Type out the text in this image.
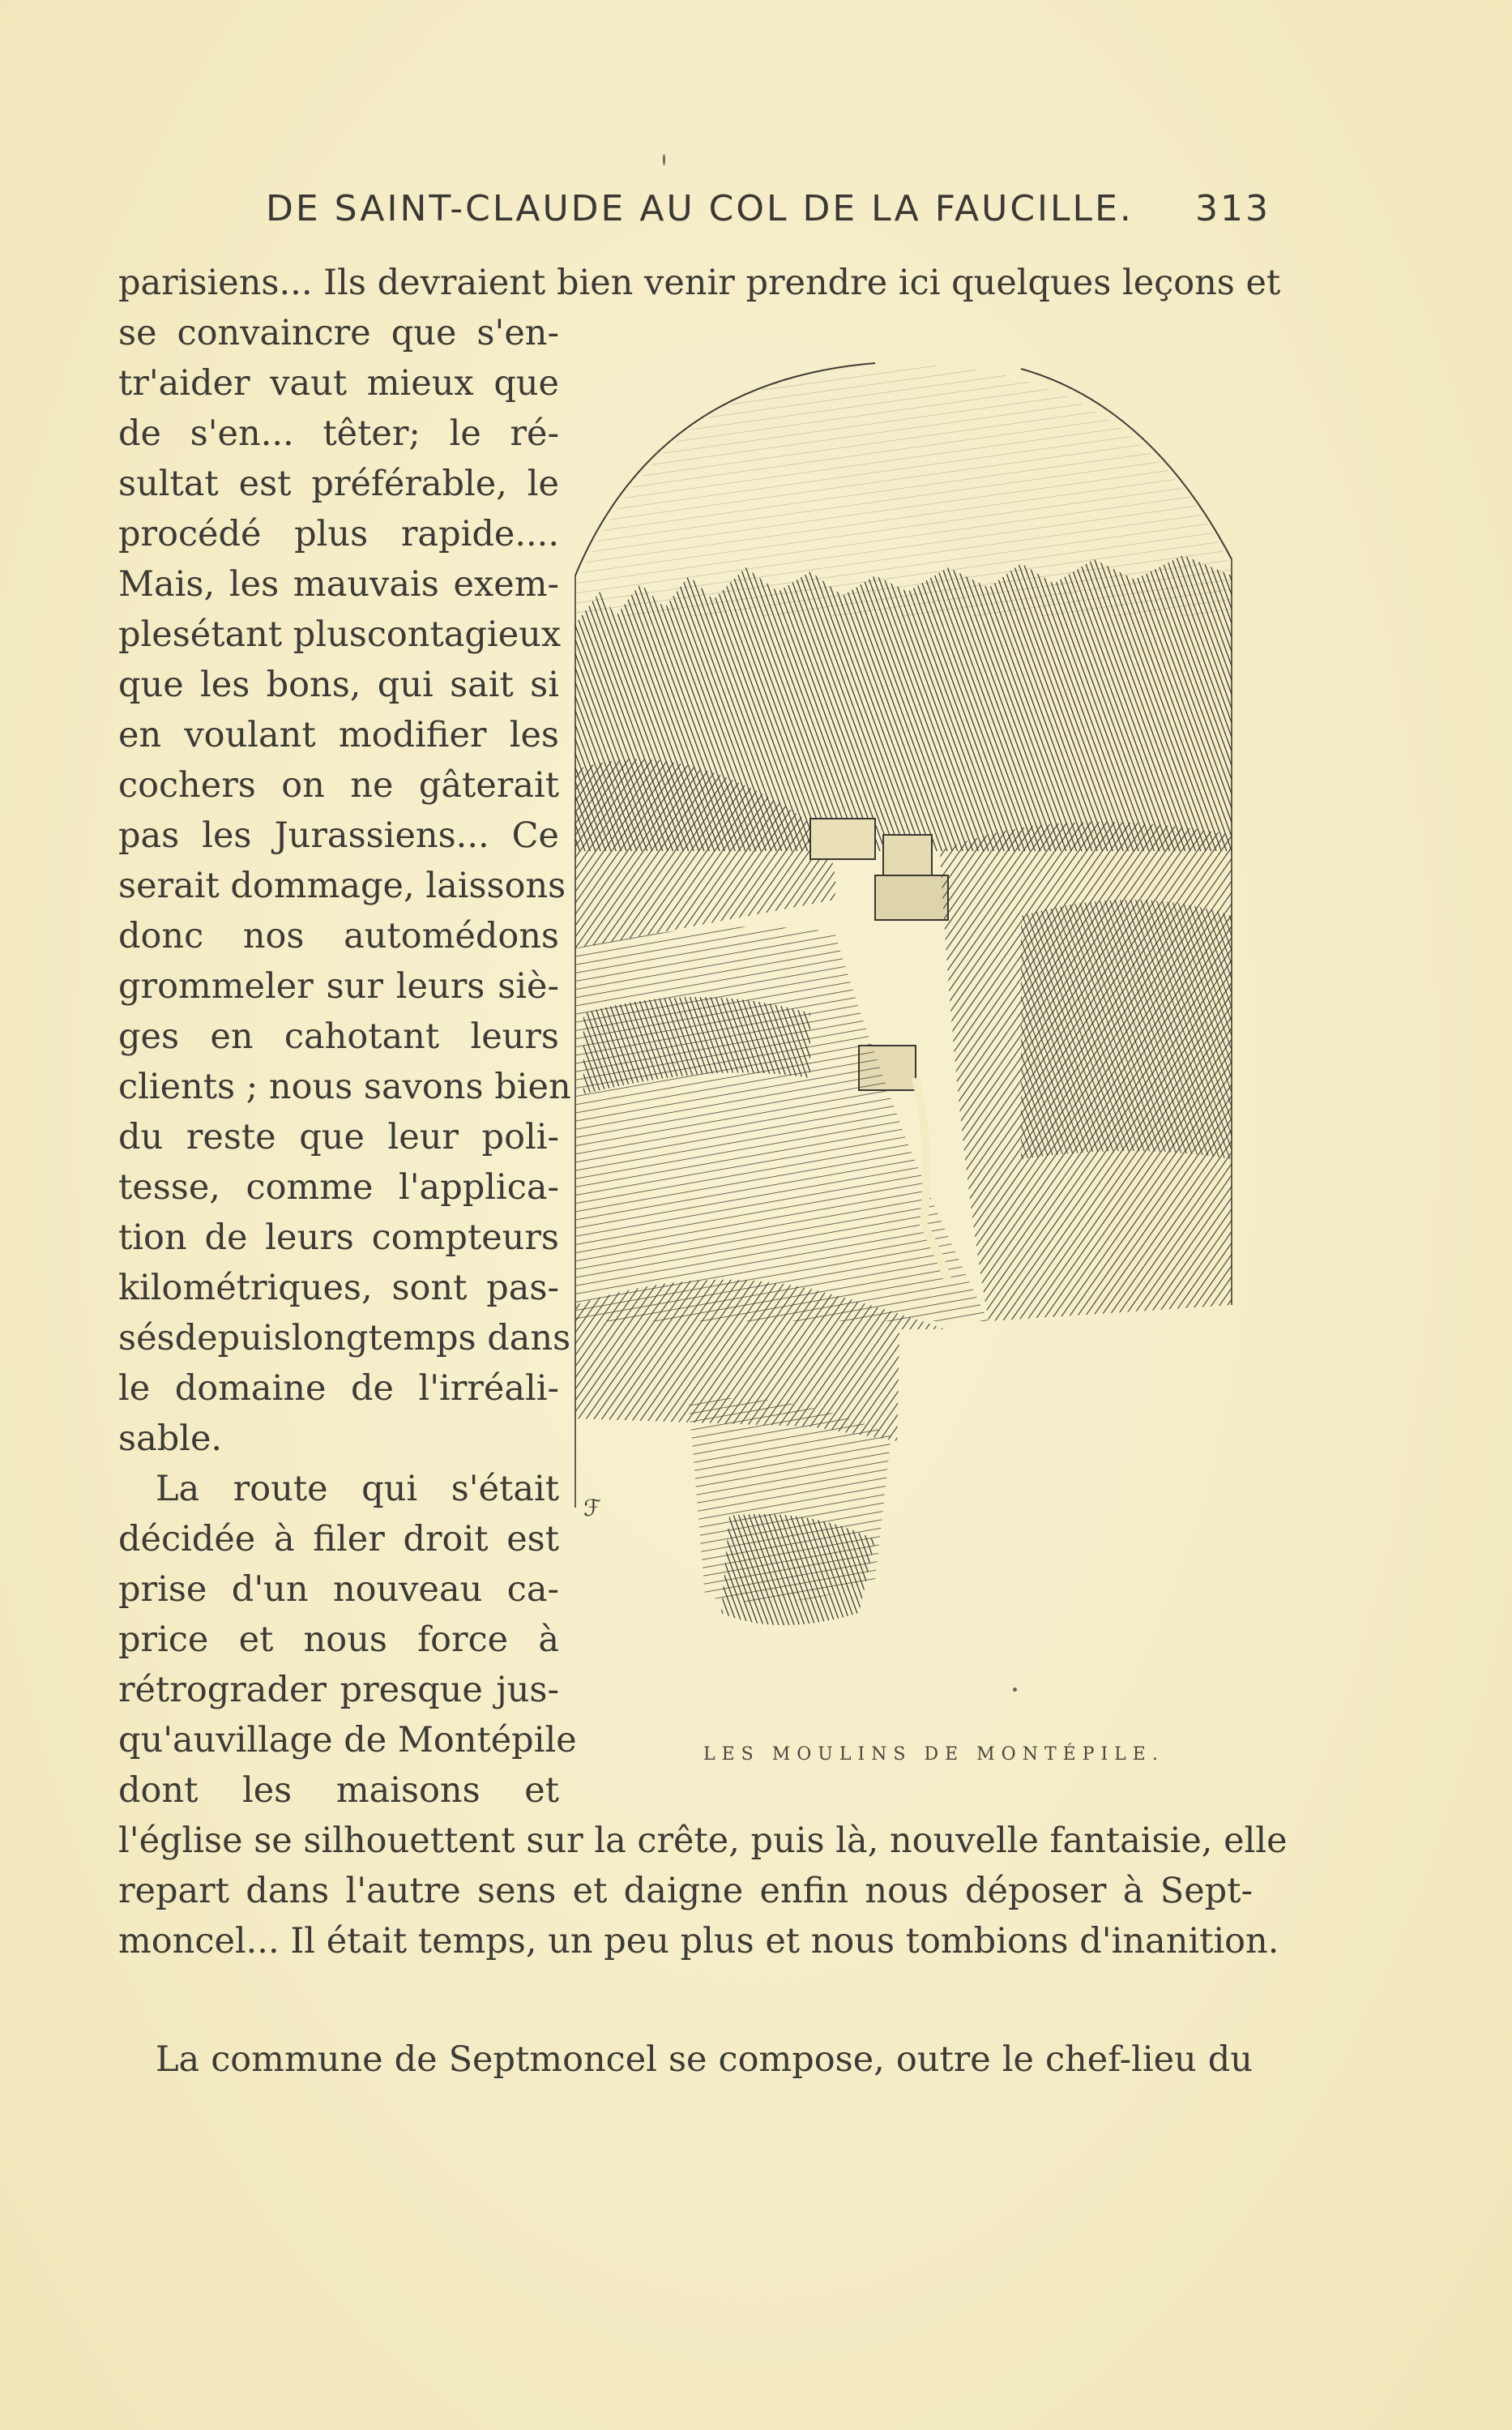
DE SAINT-CLAUDE AU COL DE LA FAUCILLE. 313
parisiens... Ils devraient bien venir prendre ici quelques leçons et
se convaincre que s'en-
tr'aider vaut mieux que
de s'en... têter; le ré-
sultat est préférable, le
procédé plus rapide....
Mais, les mauvais exem-
plesétant pluscontagieux
que les bons, qui sait si
en voulant modifier les
cochers on ne gâterait
pas les Jurassiens... Ce
serait dommage, laissons
donc nos automédons
grommeler sur leurs siè-
ges en cahotant leurs
clients ; nous savons bien
du reste que leur poli-
tesse, comme l'applica-
tion de leurs compteurs
kilométriques, sont pas-
sésdepuislongtemps dans
le domaine de l'irréali-
sable.
La route qui s'était
décidée à filer droit est
prise d'un nouveau ca-
price et nous force à
rétrograder presque jus-
qu'auvillage de Montépile
dont les maisons et
l'église se silhouettent sur la crête, puis là, nouvelle fantaisie, elle
repart dans l'autre sens et daigne enfin nous déposer à Sept-
moncel... Il était temps, un peu plus et nous tombions d'inanition.
La commune de Septmoncel se compose, outre le chef-lieu du
ℱ
LES MOULINS DE MONTÉPILE.
